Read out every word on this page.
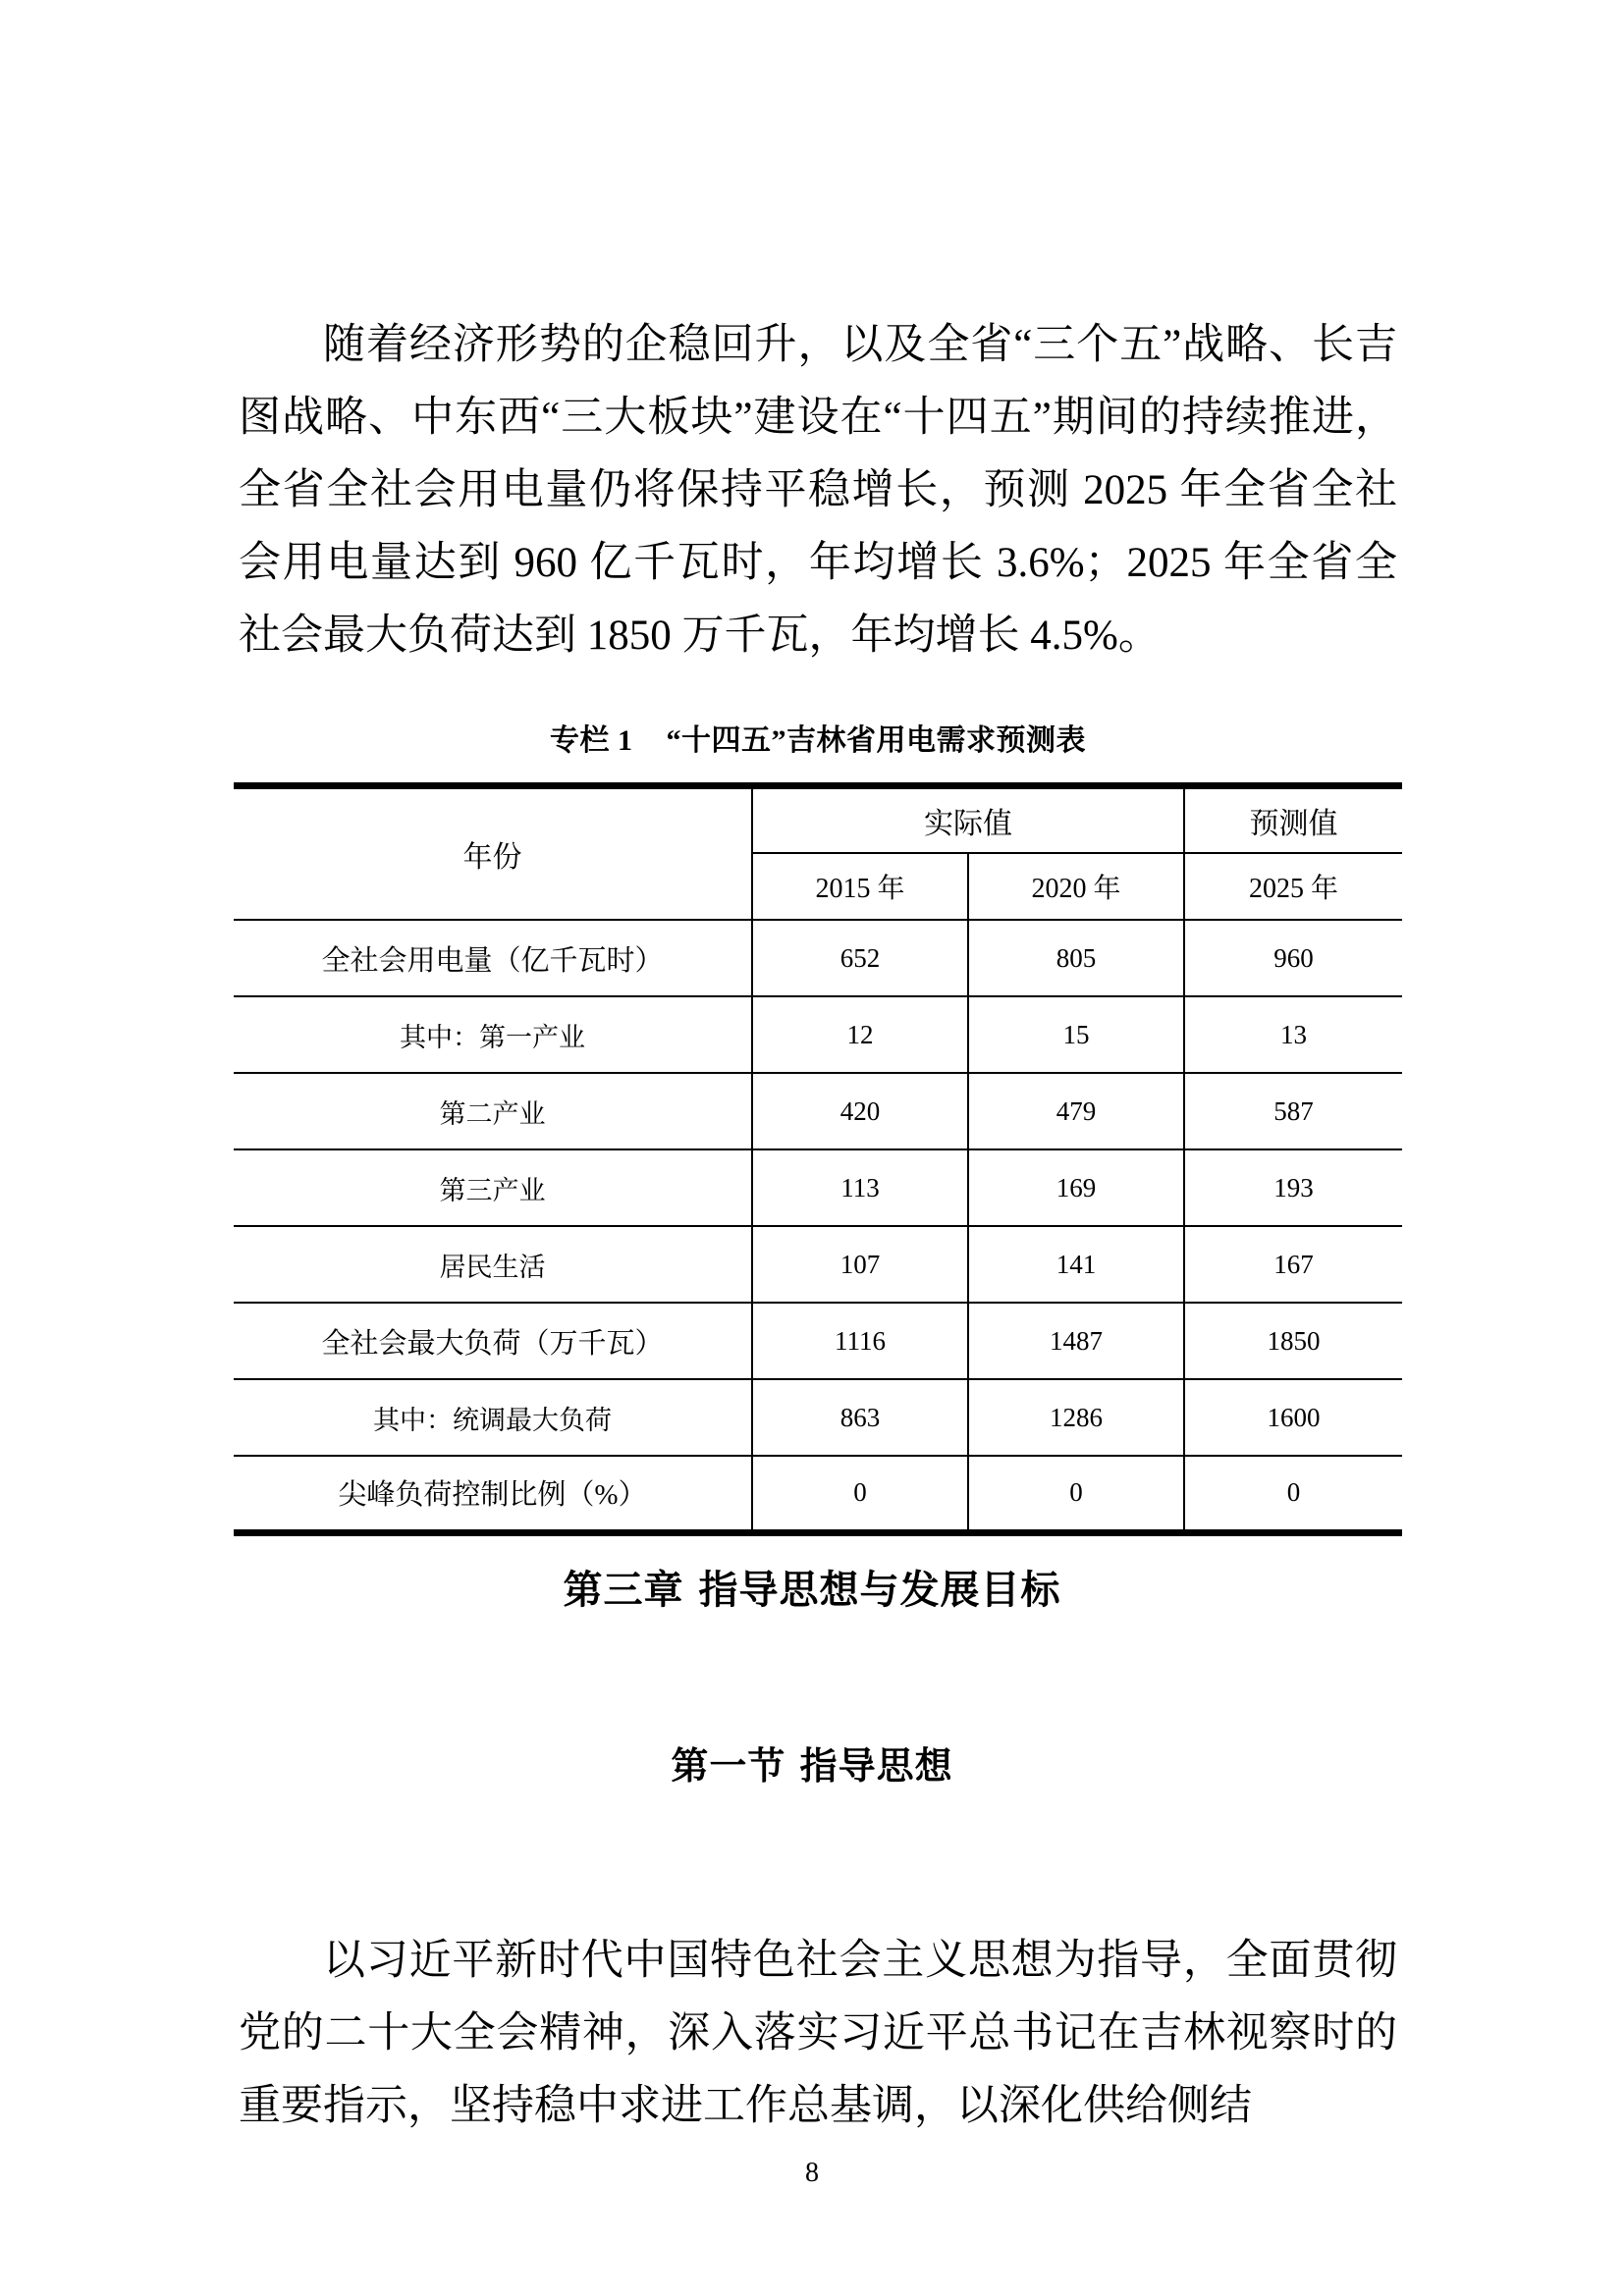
随着经济形势的企稳回升，以及全省“三个五”战略、长吉图战略、中东西“三大板块”建设在“十四五”期间的持续推进，全省全社会用电量仍将保持平稳增长，预测 2025 年全省全社会用电量达到 960 亿千瓦时，年均增长 3.6%；2025 年全省全社会最大负荷达到 1850 万千瓦，年均增长 4.5%。

专栏 1 “十四五”吉林省用电需求预测表
年份	实际值		预测值
	2015 年	2020 年	2025 年
全社会用电量（亿千瓦时）	652	805	960
其中：第一产业	12	15	13
第二产业	420	479	587
第三产业	113	169	193
居民生活	107	141	167
全社会最大负荷（万千瓦）	1116	1487	1850
其中：统调最大负荷	863	1286	1600
尖峰负荷控制比例（%）	0	0	0
第三章 指导思想与发展目标
第一节 指导思想

以习近平新时代中国特色社会主义思想为指导，全面贯彻党的二十大全会精神，深入落实习近平总书记在吉林视察时的重要指示，坚持稳中求进工作总基调，以深化供给侧结

8
